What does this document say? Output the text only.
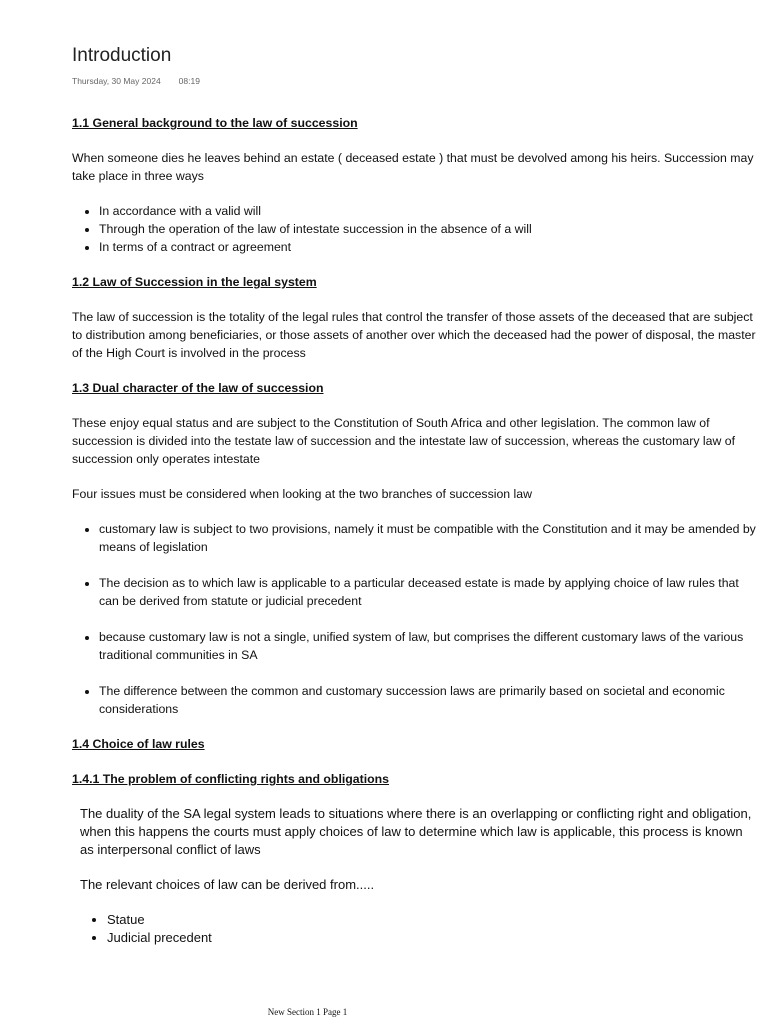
Introduction
Thursday, 30 May 2024 08:19
1.1 General background to the law of succession
When someone dies he leaves behind an estate ( deceased estate ) that must be devolved among his heirs. Succession may take place in three ways
• In accordance with a valid will
• Through the operation of the law of intestate succession in the absence of a will
• In terms of a contract or agreement
1.2 Law of Succession in the legal system
The law of succession is the totality of the legal rules that control the transfer of those assets of the deceased that are subject to distribution among beneficiaries, or those assets of another over which the deceased had the power of disposal, the master of the High Court is involved in the process
1.3 Dual character of the law of succession
These enjoy equal status and are subject to the Constitution of South Africa and other legislation. The common law of succession is divided into the testate law of succession and the intestate law of succession, whereas the customary law of succession only operates intestate
Four issues must be considered when looking at the two branches of succession law
• customary law is subject to two provisions, namely it must be compatible with the Constitution and it may be amended by means of legislation
• The decision as to which law is applicable to a particular deceased estate is made by applying choice of law rules that can be derived from statute or judicial precedent
• because customary law is not a single, unified system of law, but comprises the different customary laws of the various traditional communities in SA
• The difference between the common and customary succession laws are primarily based on societal and economic considerations
1.4 Choice of law rules
1.4.1 The problem of conflicting rights and obligations
The duality of the SA legal system leads to situations where there is an overlapping or conflicting right and obligation, when this happens the courts must apply choices of law to determine which law is applicable, this process is known as interpersonal conflict of laws
The relevant choices of law can be derived from.....
• Statue
• Judicial precedent
New Section 1 Page 1
